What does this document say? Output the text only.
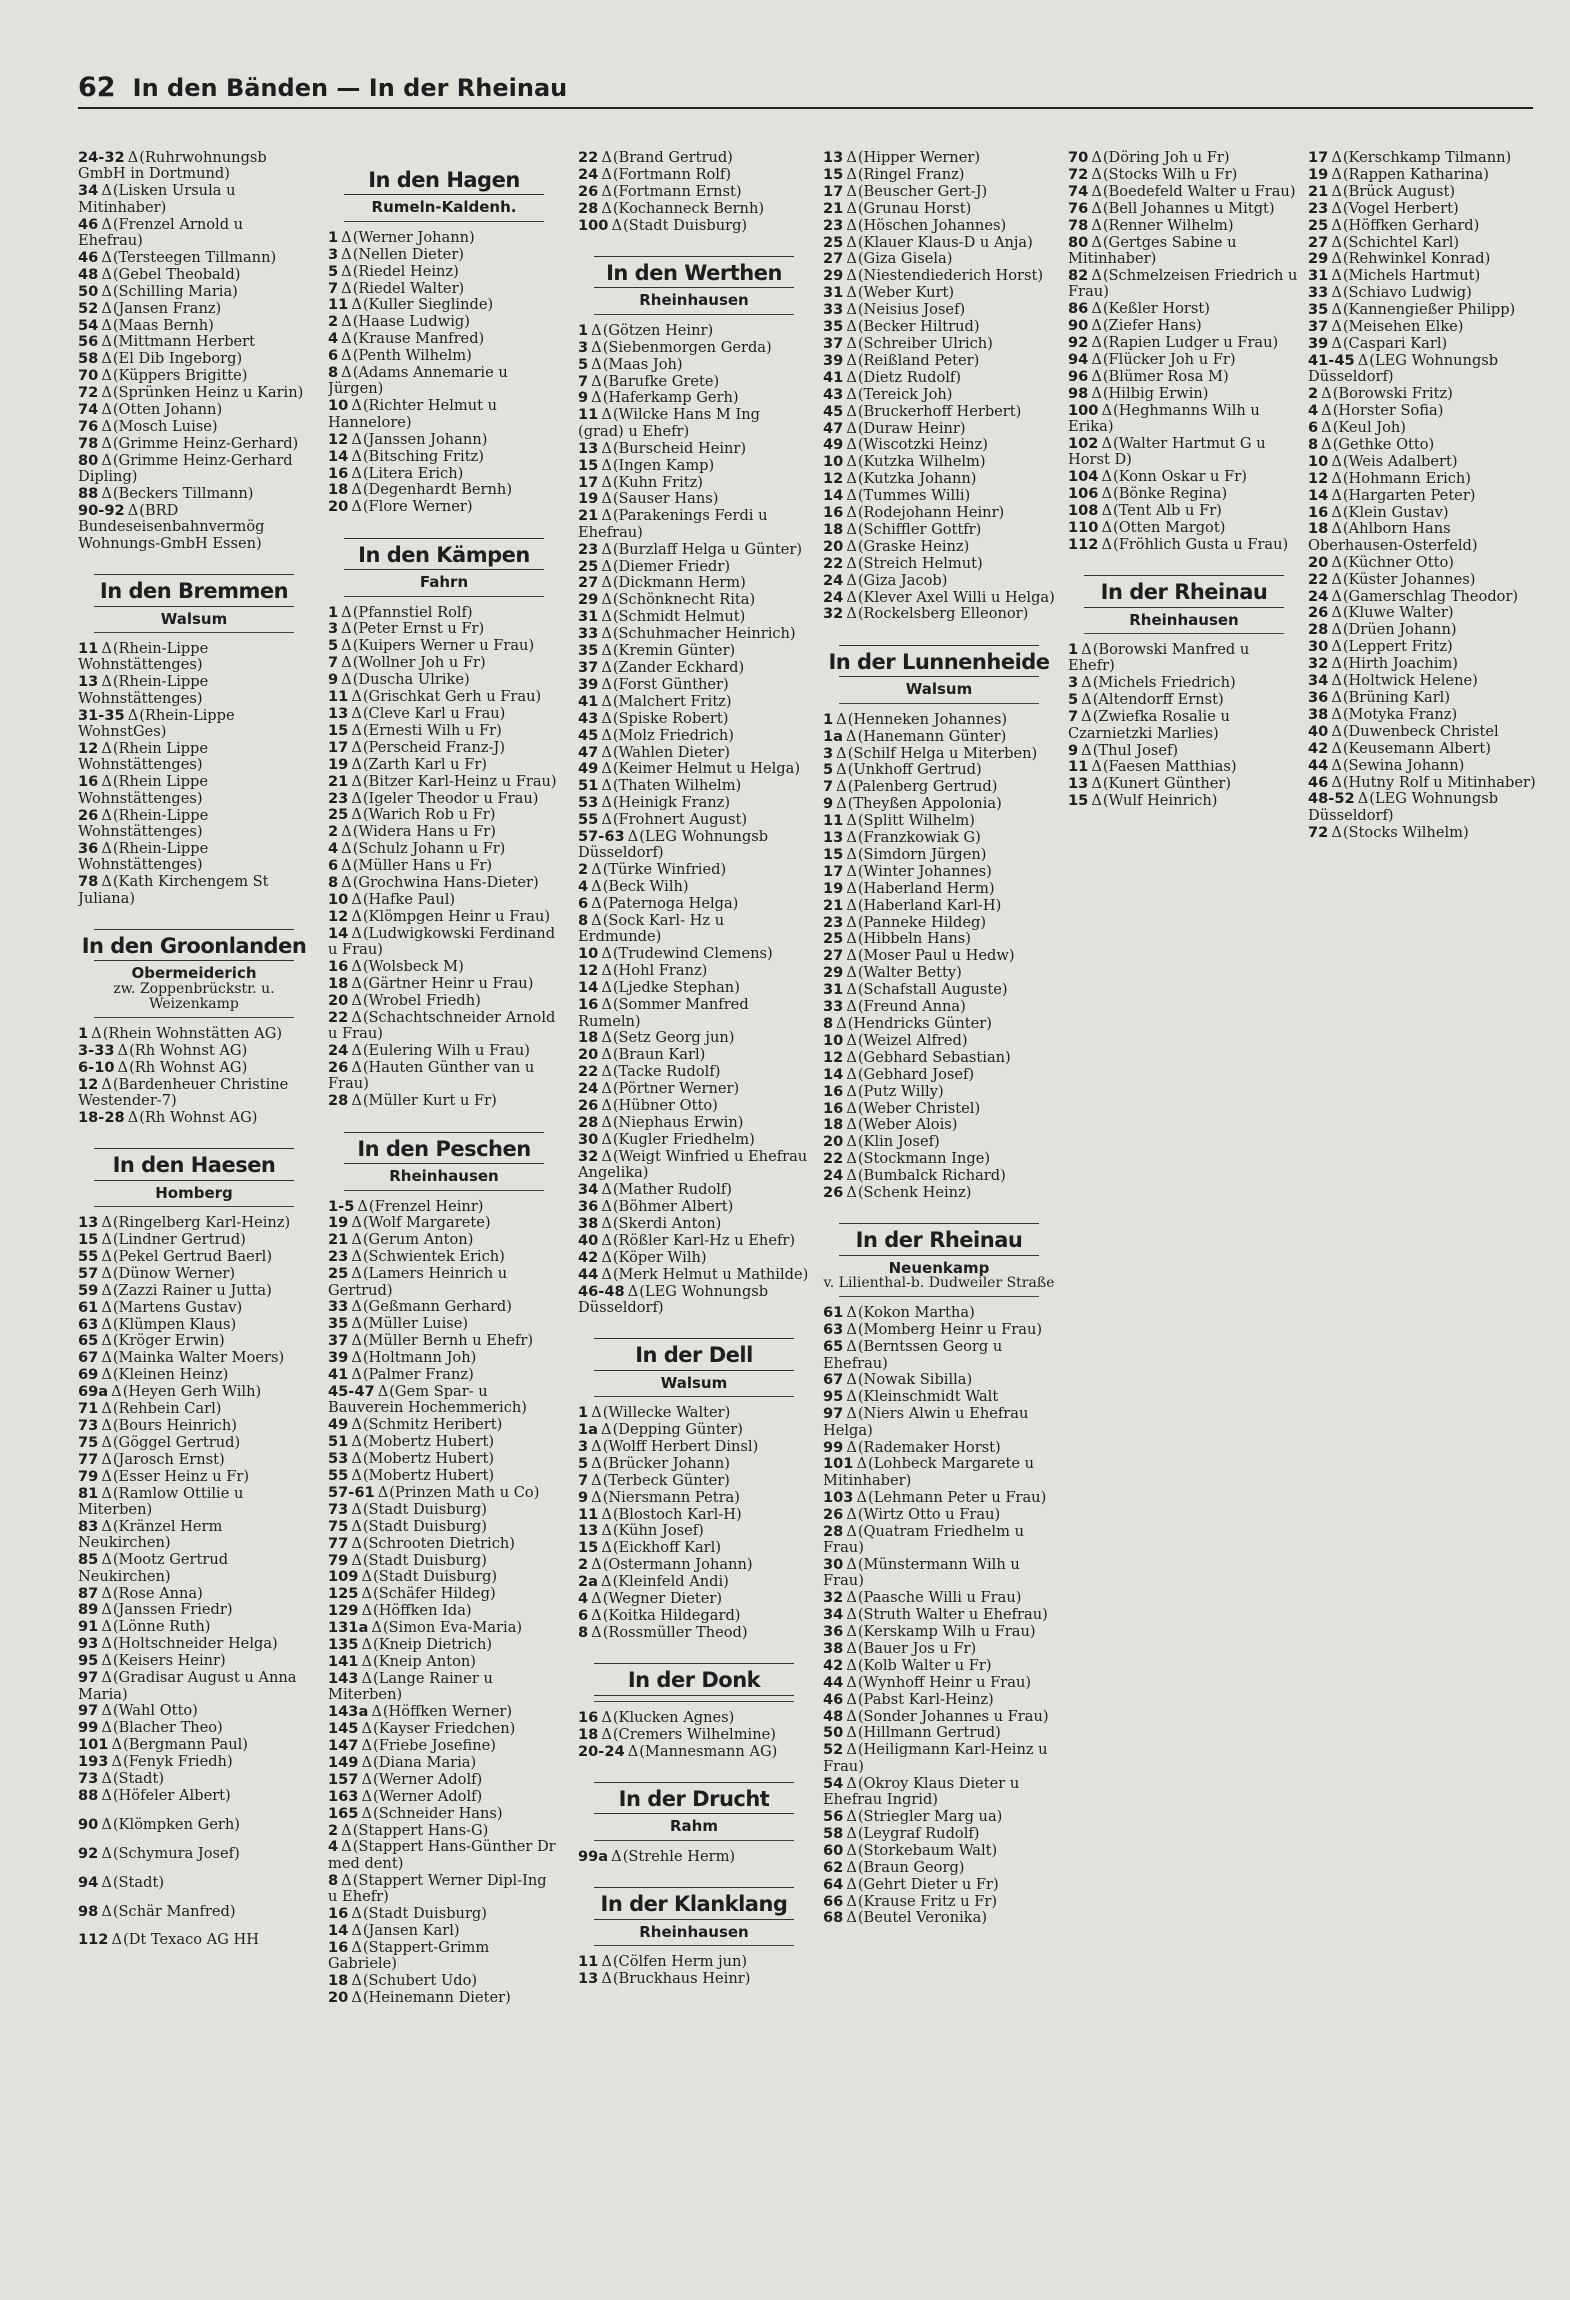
62 In den Bänden — In der Rheinau
24-32 Δ(Ruhrwohnungsb GmbH in Dortmund)
34 Δ(Lisken Ursula u Mitinhaber)
46 Δ(Frenzel Arnold u Ehefrau)
46 Δ(Tersteegen Tillmann)
48 Δ(Gebel Theobald)
50 Δ(Schilling Maria)
52 Δ(Jansen Franz)
54 Δ(Maas Bernh)
56 Δ(Mittmann Herbert
58 Δ(El Dib Ingeborg)
70 Δ(Küppers Brigitte)
72 Δ(Sprünken Heinz u Karin)
74 Δ(Otten Johann)
76 Δ(Mosch Luise)
78 Δ(Grimme Heinz-Gerhard)
80 Δ(Grimme Heinz-Gerhard Dipling)
88 Δ(Beckers Tillmann)
90-92 Δ(BRD Bundeseisenbahnvermög Wohnungs-GmbH Essen)
In den Bremmen
Walsum
11 Δ(Rhein-Lippe Wohnstättenges)
13 Δ(Rhein-Lippe Wohnstättenges)
31-35 Δ(Rhein-Lippe WohnstGes)
12 Δ(Rhein Lippe Wohnstättenges)
16 Δ(Rhein Lippe Wohnstättenges)
26 Δ(Rhein-Lippe Wohnstättenges)
36 Δ(Rhein-Lippe Wohnstättenges)
78 Δ(Kath Kirchengem St Juliana)
In den Groonlanden
Obermeiderich
zw. Zoppenbrückstr. u. Weizenkamp
1 Δ(Rhein Wohnstätten AG)
3-33 Δ(Rh Wohnst AG)
6-10 Δ(Rh Wohnst AG)
12 Δ(Bardenheuer Christine Westender-7)
18-28 Δ(Rh Wohnst AG)
In den Haesen
Homberg
13 Δ(Ringelberg Karl-Heinz)
15 Δ(Lindner Gertrud)
55 Δ(Pekel Gertrud Baerl)
57 Δ(Dünow Werner)
59 Δ(Zazzi Rainer u Jutta)
61 Δ(Martens Gustav)
63 Δ(Klümpen Klaus)
65 Δ(Kröger Erwin)
67 Δ(Mainka Walter Moers)
69 Δ(Kleinen Heinz)
69a Δ(Heyen Gerh Wilh)
71 Δ(Rehbein Carl)
73 Δ(Bours Heinrich)
75 Δ(Göggel Gertrud)
77 Δ(Jarosch Ernst)
79 Δ(Esser Heinz u Fr)
81 Δ(Ramlow Ottilie u Miterben)
83 Δ(Kränzel Herm Neukirchen)
85 Δ(Mootz Gertrud Neukirchen)
87 Δ(Rose Anna)
89 Δ(Janssen Friedr)
91 Δ(Lönne Ruth)
93 Δ(Holtschneider Helga)
95 Δ(Keisers Heinr)
97 Δ(Gradisar August u Anna Maria)
97 Δ(Wahl Otto)
99 Δ(Blacher Theo)
101 Δ(Bergmann Paul)
193 Δ(Fenyk Friedh)
73 Δ(Stadt)
88 Δ(Höfeler Albert)
90 Δ(Klömpken Gerh)
92 Δ(Schymura Josef)
94 Δ(Stadt)
98 Δ(Schär Manfred)
112 Δ(Dt Texaco AG HH
In den Hagen
Rumeln-Kaldenh.
1 Δ(Werner Johann)
3 Δ(Nellen Dieter)
5 Δ(Riedel Heinz)
7 Δ(Riedel Walter)
11 Δ(Kuller Sieglinde)
2 Δ(Haase Ludwig)
4 Δ(Krause Manfred)
6 Δ(Penth Wilhelm)
8 Δ(Adams Annemarie u Jürgen)
10 Δ(Richter Helmut u Hannelore)
12 Δ(Janssen Johann)
14 Δ(Bitsching Fritz)
16 Δ(Litera Erich)
18 Δ(Degenhardt Bernh)
20 Δ(Flore Werner)
In den Kämpen
Fahrn
1 Δ(Pfannstiel Rolf)
3 Δ(Peter Ernst u Fr)
5 Δ(Kuipers Werner u Frau)
7 Δ(Wollner Joh u Fr)
9 Δ(Duscha Ulrike)
11 Δ(Grischkat Gerh u Frau)
13 Δ(Cleve Karl u Frau)
15 Δ(Ernesti Wilh u Fr)
17 Δ(Perscheid Franz-J)
19 Δ(Zarth Karl u Fr)
21 Δ(Bitzer Karl-Heinz u Frau)
23 Δ(Igeler Theodor u Frau)
25 Δ(Warich Rob u Fr)
2 Δ(Widera Hans u Fr)
4 Δ(Schulz Johann u Fr)
6 Δ(Müller Hans u Fr)
8 Δ(Grochwina Hans-Dieter)
10 Δ(Hafke Paul)
12 Δ(Klömpgen Heinr u Frau)
14 Δ(Ludwigkowski Ferdinand u Frau)
16 Δ(Wolsbeck M)
18 Δ(Gärtner Heinr u Frau)
20 Δ(Wrobel Friedh)
22 Δ(Schachtschneider Arnold u Frau)
24 Δ(Eulering Wilh u Frau)
26 Δ(Hauten Günther van u Frau)
28 Δ(Müller Kurt u Fr)
In den Peschen
Rheinhausen
1-5 Δ(Frenzel Heinr)
19 Δ(Wolf Margarete)
21 Δ(Gerum Anton)
23 Δ(Schwientek Erich)
25 Δ(Lamers Heinrich u Gertrud)
33 Δ(Geßmann Gerhard)
35 Δ(Müller Luise)
37 Δ(Müller Bernh u Ehefr)
39 Δ(Holtmann Joh)
41 Δ(Palmer Franz)
45-47 Δ(Gem Spar- u Bauverein Hochemmerich)
49 Δ(Schmitz Heribert)
51 Δ(Mobertz Hubert)
53 Δ(Mobertz Hubert)
55 Δ(Mobertz Hubert)
57-61 Δ(Prinzen Math u Co)
73 Δ(Stadt Duisburg)
75 Δ(Stadt Duisburg)
77 Δ(Schrooten Dietrich)
79 Δ(Stadt Duisburg)
109 Δ(Stadt Duisburg)
125 Δ(Schäfer Hildeg)
129 Δ(Höffken Ida)
131a Δ(Simon Eva-Maria)
135 Δ(Kneip Dietrich)
141 Δ(Kneip Anton)
143 Δ(Lange Rainer u Miterben)
143a Δ(Höffken Werner)
145 Δ(Kayser Friedchen)
147 Δ(Friebe Josefine)
149 Δ(Diana Maria)
157 Δ(Werner Adolf)
163 Δ(Werner Adolf)
165 Δ(Schneider Hans)
2 Δ(Stappert Hans-G)
4 Δ(Stappert Hans-Günther Dr med dent)
8 Δ(Stappert Werner Dipl-Ing u Ehefr)
16 Δ(Stadt Duisburg)
14 Δ(Jansen Karl)
16 Δ(Stappert-Grimm Gabriele)
18 Δ(Schubert Udo)
20 Δ(Heinemann Dieter)
22 Δ(Brand Gertrud)
24 Δ(Fortmann Rolf)
26 Δ(Fortmann Ernst)
28 Δ(Kochanneck Bernh)
100 Δ(Stadt Duisburg)
In den Werthen
Rheinhausen
1 Δ(Götzen Heinr)
3 Δ(Siebenmorgen Gerda)
5 Δ(Maas Joh)
7 Δ(Barufke Grete)
9 Δ(Haferkamp Gerh)
11 Δ(Wilcke Hans M Ing (grad) u Ehefr)
13 Δ(Burscheid Heinr)
15 Δ(Ingen Kamp)
17 Δ(Kuhn Fritz)
19 Δ(Sauser Hans)
21 Δ(Parakenings Ferdi u Ehefrau)
23 Δ(Burzlaff Helga u Günter)
25 Δ(Diemer Friedr)
27 Δ(Dickmann Herm)
29 Δ(Schönknecht Rita)
31 Δ(Schmidt Helmut)
33 Δ(Schuhmacher Heinrich)
35 Δ(Kremin Günter)
37 Δ(Zander Eckhard)
39 Δ(Forst Günther)
41 Δ(Malchert Fritz)
43 Δ(Spiske Robert)
45 Δ(Molz Friedrich)
47 Δ(Wahlen Dieter)
49 Δ(Keimer Helmut u Helga)
51 Δ(Thaten Wilhelm)
53 Δ(Heinigk Franz)
55 Δ(Frohnert August)
57-63 Δ(LEG Wohnungsb Düsseldorf)
2 Δ(Türke Winfried)
4 Δ(Beck Wilh)
6 Δ(Paternoga Helga)
8 Δ(Sock Karl- Hz u Erdmunde)
10 Δ(Trudewind Clemens)
12 Δ(Hohl Franz)
14 Δ(Ljedke Stephan)
16 Δ(Sommer Manfred Rumeln)
18 Δ(Setz Georg jun)
20 Δ(Braun Karl)
22 Δ(Tacke Rudolf)
24 Δ(Pörtner Werner)
26 Δ(Hübner Otto)
28 Δ(Niephaus Erwin)
30 Δ(Kugler Friedhelm)
32 Δ(Weigt Winfried u Ehefrau Angelika)
34 Δ(Mather Rudolf)
36 Δ(Böhmer Albert)
38 Δ(Skerdi Anton)
40 Δ(Rößler Karl-Hz u Ehefr)
42 Δ(Köper Wilh)
44 Δ(Merk Helmut u Mathilde)
46-48 Δ(LEG Wohnungsb Düsseldorf)
In der Dell
Walsum
1 Δ(Willecke Walter)
1a Δ(Depping Günter)
3 Δ(Wolff Herbert Dinsl)
5 Δ(Brücker Johann)
7 Δ(Terbeck Günter)
9 Δ(Niersmann Petra)
11 Δ(Blostoch Karl-H)
13 Δ(Kühn Josef)
15 Δ(Eickhoff Karl)
2 Δ(Ostermann Johann)
2a Δ(Kleinfeld Andi)
4 Δ(Wegner Dieter)
6 Δ(Koitka Hildegard)
8 Δ(Rossmüller Theod)
In der Donk
16 Δ(Klucken Agnes)
18 Δ(Cremers Wilhelmine)
20-24 Δ(Mannesmann AG)
In der Drucht
Rahm
99a Δ(Strehle Herm)
In der Klanklang
Rheinhausen
11 Δ(Cölfen Herm jun)
13 Δ(Bruckhaus Heinr)
13 Δ(Hipper Werner)
15 Δ(Ringel Franz)
17 Δ(Beuscher Gert-J)
21 Δ(Grunau Horst)
23 Δ(Höschen Johannes)
25 Δ(Klauer Klaus-D u Anja)
27 Δ(Giza Gisela)
29 Δ(Niestendiederich Horst)
31 Δ(Weber Kurt)
33 Δ(Neisius Josef)
35 Δ(Becker Hiltrud)
37 Δ(Schreiber Ulrich)
39 Δ(Reißland Peter)
41 Δ(Dietz Rudolf)
43 Δ(Tereick Joh)
45 Δ(Bruckerhoff Herbert)
47 Δ(Duraw Heinr)
49 Δ(Wiscotzki Heinz)
10 Δ(Kutzka Wilhelm)
12 Δ(Kutzka Johann)
14 Δ(Tummes Willi)
16 Δ(Rodejohann Heinr)
18 Δ(Schiffler Gottfr)
20 Δ(Graske Heinz)
22 Δ(Streich Helmut)
24 Δ(Giza Jacob)
24 Δ(Klever Axel Willi u Helga)
32 Δ(Rockelsberg Elleonor)
In der Lunnenheide
Walsum
1 Δ(Henneken Johannes)
1a Δ(Hanemann Günter)
3 Δ(Schilf Helga u Miterben)
5 Δ(Unkhoff Gertrud)
7 Δ(Palenberg Gertrud)
9 Δ(Theyßen Appolonia)
11 Δ(Splitt Wilhelm)
13 Δ(Franzkowiak G)
15 Δ(Simdorn Jürgen)
17 Δ(Winter Johannes)
19 Δ(Haberland Herm)
21 Δ(Haberland Karl-H)
23 Δ(Panneke Hildeg)
25 Δ(Hibbeln Hans)
27 Δ(Moser Paul u Hedw)
29 Δ(Walter Betty)
31 Δ(Schafstall Auguste)
33 Δ(Freund Anna)
8 Δ(Hendricks Günter)
10 Δ(Weizel Alfred)
12 Δ(Gebhard Sebastian)
14 Δ(Gebhard Josef)
16 Δ(Putz Willy)
16 Δ(Weber Christel)
18 Δ(Weber Alois)
20 Δ(Klin Josef)
22 Δ(Stockmann Inge)
24 Δ(Bumbalck Richard)
26 Δ(Schenk Heinz)
In der Rheinau
Neuenkamp
v. Lilienthal-b. Dudweiler Straße
61 Δ(Kokon Martha)
63 Δ(Momberg Heinr u Frau)
65 Δ(Berntssen Georg u Ehefrau)
67 Δ(Nowak Sibilla)
95 Δ(Kleinschmidt Walt
97 Δ(Niers Alwin u Ehefrau Helga)
99 Δ(Rademaker Horst)
101 Δ(Lohbeck Margarete u Mitinhaber)
103 Δ(Lehmann Peter u Frau)
26 Δ(Wirtz Otto u Frau)
28 Δ(Quatram Friedhelm u Frau)
30 Δ(Münstermann Wilh u Frau)
32 Δ(Paasche Willi u Frau)
34 Δ(Struth Walter u Ehefrau)
36 Δ(Kerskamp Wilh u Frau)
38 Δ(Bauer Jos u Fr)
42 Δ(Kolb Walter u Fr)
44 Δ(Wynhoff Heinr u Frau)
46 Δ(Pabst Karl-Heinz)
48 Δ(Sonder Johannes u Frau)
50 Δ(Hillmann Gertrud)
52 Δ(Heiligmann Karl-Heinz u Frau)
54 Δ(Okroy Klaus Dieter u Ehefrau Ingrid)
56 Δ(Striegler Marg ua)
58 Δ(Leygraf Rudolf)
60 Δ(Storkebaum Walt)
62 Δ(Braun Georg)
64 Δ(Gehrt Dieter u Fr)
66 Δ(Krause Fritz u Fr)
68 Δ(Beutel Veronika)
70 Δ(Döring Joh u Fr)
72 Δ(Stocks Wilh u Fr)
74 Δ(Boedefeld Walter u Frau)
76 Δ(Bell Johannes u Mitgt)
78 Δ(Renner Wilhelm)
80 Δ(Gertges Sabine u Mitinhaber)
82 Δ(Schmelzeisen Friedrich u Frau)
86 Δ(Keßler Horst)
90 Δ(Ziefer Hans)
92 Δ(Rapien Ludger u Frau)
94 Δ(Flücker Joh u Fr)
96 Δ(Blümer Rosa M)
98 Δ(Hilbig Erwin)
100 Δ(Heghmanns Wilh u Erika)
102 Δ(Walter Hartmut G u Horst D)
104 Δ(Konn Oskar u Fr)
106 Δ(Bönke Regina)
108 Δ(Tent Alb u Fr)
110 Δ(Otten Margot)
112 Δ(Fröhlich Gusta u Frau)
In der Rheinau
Rheinhausen
1 Δ(Borowski Manfred u Ehefr)
3 Δ(Michels Friedrich)
5 Δ(Altendorff Ernst)
7 Δ(Zwiefka Rosalie u Czarnietzki Marlies)
9 Δ(Thul Josef)
11 Δ(Faesen Matthias)
13 Δ(Kunert Günther)
15 Δ(Wulf Heinrich)
17 Δ(Kerschkamp Tilmann)
19 Δ(Rappen Katharina)
21 Δ(Brück August)
23 Δ(Vogel Herbert)
25 Δ(Höffken Gerhard)
27 Δ(Schichtel Karl)
29 Δ(Rehwinkel Konrad)
31 Δ(Michels Hartmut)
33 Δ(Schiavo Ludwig)
35 Δ(Kannengießer Philipp)
37 Δ(Meisehen Elke)
39 Δ(Caspari Karl)
41-45 Δ(LEG Wohnungsb Düsseldorf)
2 Δ(Borowski Fritz)
4 Δ(Horster Sofia)
6 Δ(Keul Joh)
8 Δ(Gethke Otto)
10 Δ(Weis Adalbert)
12 Δ(Hohmann Erich)
14 Δ(Hargarten Peter)
16 Δ(Klein Gustav)
18 Δ(Ahlborn Hans Oberhausen-Osterfeld)
20 Δ(Küchner Otto)
22 Δ(Küster Johannes)
24 Δ(Gamerschlag Theodor)
26 Δ(Kluwe Walter)
28 Δ(Drüen Johann)
30 Δ(Leppert Fritz)
32 Δ(Hirth Joachim)
34 Δ(Holtwick Helene)
36 Δ(Brüning Karl)
38 Δ(Motyka Franz)
40 Δ(Duwenbeck Christel
42 Δ(Keusemann Albert)
44 Δ(Sewina Johann)
46 Δ(Hutny Rolf u Mitinhaber)
48-52 Δ(LEG Wohnungsb Düsseldorf)
72 Δ(Stocks Wilhelm)
